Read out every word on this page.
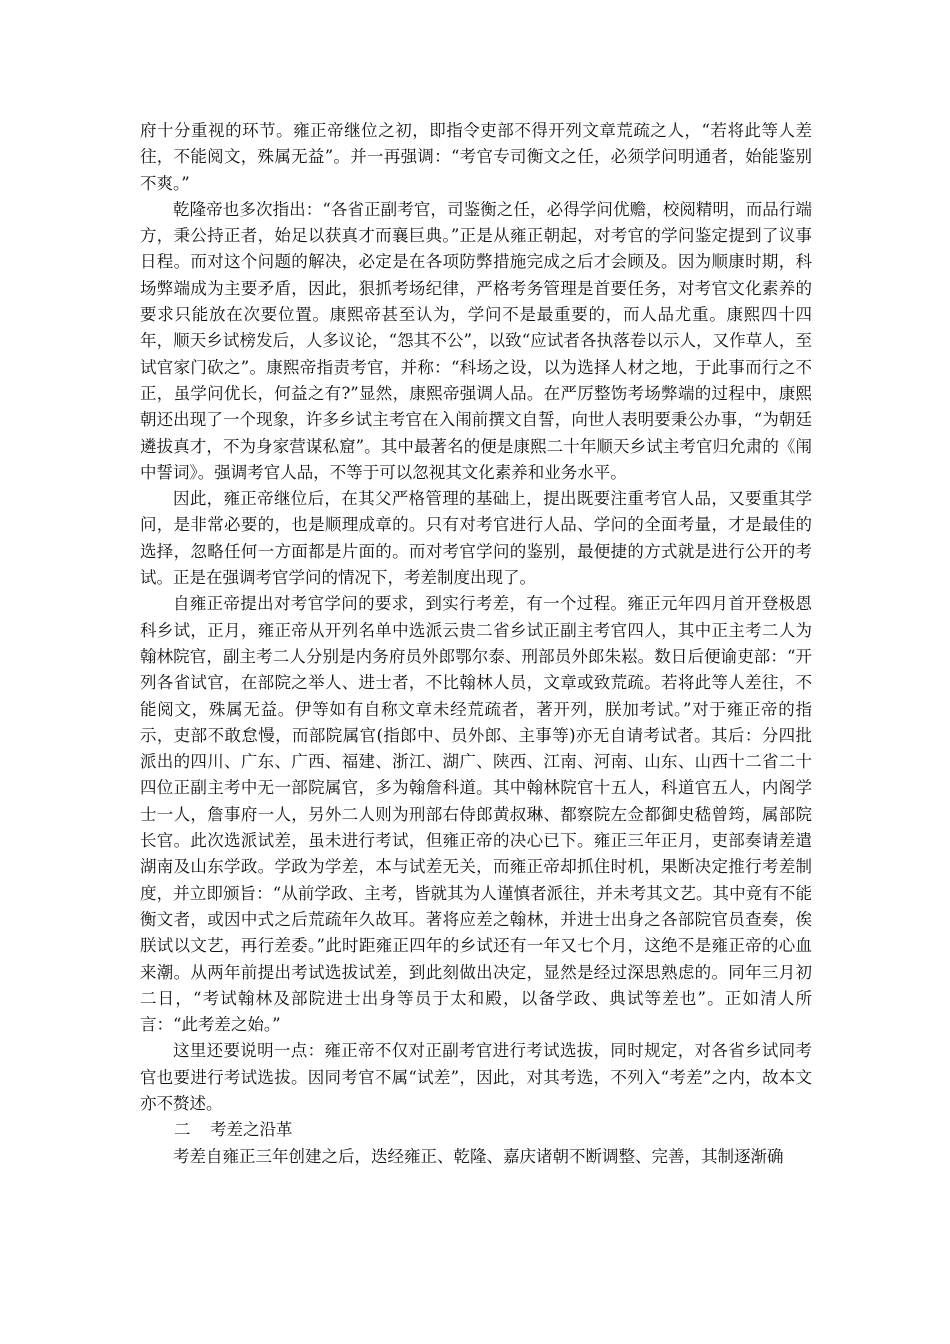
府十分重视的环节。雍正帝继位之初，即指令吏部不得开列文章荒疏之人，“若将此等人差往，不能阅文，殊属无益”。并一再强调：“考官专司衡文之任，必须学问明通者，始能鉴别不爽。”

乾隆帝也多次指出：“各省正副考官，司鉴衡之任，必得学问优赡，校阅精明，而品行端方，秉公持正者，始足以获真才而襄巨典。”正是从雍正朝起，对考官的学问鉴定提到了议事日程。而对这个问题的解决，必定是在各项防弊措施完成之后才会顾及。因为顺康时期，科场弊端成为主要矛盾，因此，狠抓考场纪律，严格考务管理是首要任务，对考官文化素养的要求只能放在次要位置。康熙帝甚至认为，学问不是最重要的，而人品尤重。康熙四十四年，顺天乡试榜发后，人多议论，“怨其不公”，以致“应试者各执落卷以示人，又作草人，至试官家门砍之”。康熙帝指责考官，并称：“科场之设，以为选择人材之地，于此事而行之不正，虽学问优长，何益之有?”显然，康熙帝强调人品。在严厉整饬考场弊端的过程中，康熙朝还出现了一个现象，许多乡试主考官在入闱前撰文自誓，向世人表明要秉公办事，“为朝廷遴拔真才，不为身家营谋私窟”。其中最著名的便是康熙二十年顺天乡试主考官归允肃的《闱中誓词》。强调考官人品，不等于可以忽视其文化素养和业务水平。

因此，雍正帝继位后，在其父严格管理的基础上，提出既要注重考官人品，又要重其学问，是非常必要的，也是顺理成章的。只有对考官进行人品、学问的全面考量，才是最佳的选择，忽略任何一方面都是片面的。而对考官学问的鉴别，最便捷的方式就是进行公开的考试。正是在强调考官学问的情况下，考差制度出现了。

自雍正帝提出对考官学问的要求，到实行考差，有一个过程。雍正元年四月首开登极恩科乡试，正月，雍正帝从开列名单中选派云贵二省乡试正副主考官四人，其中正主考二人为翰林院官，副主考二人分别是内务府员外郎鄂尔泰、刑部员外郎朱崧。数日后便谕吏部：“开列各省试官，在部院之举人、进士者，不比翰林人员，文章或致荒疏。若将此等人差往，不能阅文，殊属无益。伊等如有自称文章未经荒疏者，著开列，朕加考试。”对于雍正帝的指示，吏部不敢怠慢，而部院属官(指郎中、员外郎、主事等)亦无自请考试者。其后：分四批派出的四川、广东、广西、福建、浙江、湖广、陕西、江南、河南、山东、山西十二省二十四位正副主考中无一部院属官，多为翰詹科道。其中翰林院官十五人，科道官五人，内阁学士一人，詹事府一人，另外二人则为刑部右侍郎黄叔琳、都察院左佥都御史嵇曾筠，属部院长官。此次选派试差，虽未进行考试，但雍正帝的决心已下。雍正三年正月，吏部奏请差遣湖南及山东学政。学政为学差，本与试差无关，而雍正帝却抓住时机，果断决定推行考差制度，并立即颁旨：“从前学政、主考，皆就其为人谨慎者派往，并未考其文艺。其中竟有不能衡文者，或因中式之后荒疏年久故耳。著将应差之翰林，并进士出身之各部院官员查奏，俟朕试以文艺，再行差委。”此时距雍正四年的乡试还有一年又七个月，这绝不是雍正帝的心血来潮。从两年前提出考试选拔试差，到此刻做出决定，显然是经过深思熟虑的。同年三月初二日，“考试翰林及部院进士出身等员于太和殿，以备学政、典试等差也”。正如清人所言：“此考差之始。”

这里还要说明一点：雍正帝不仅对正副考官进行考试选拔，同时规定，对各省乡试同考官也要进行考试选拔。因同考官不属“试差”，因此，对其考选，不列入“考差”之内，故本文亦不赘述。

二 考差之沿革

考差自雍正三年创建之后，迭经雍正、乾隆、嘉庆诸朝不断调整、完善，其制逐渐确
